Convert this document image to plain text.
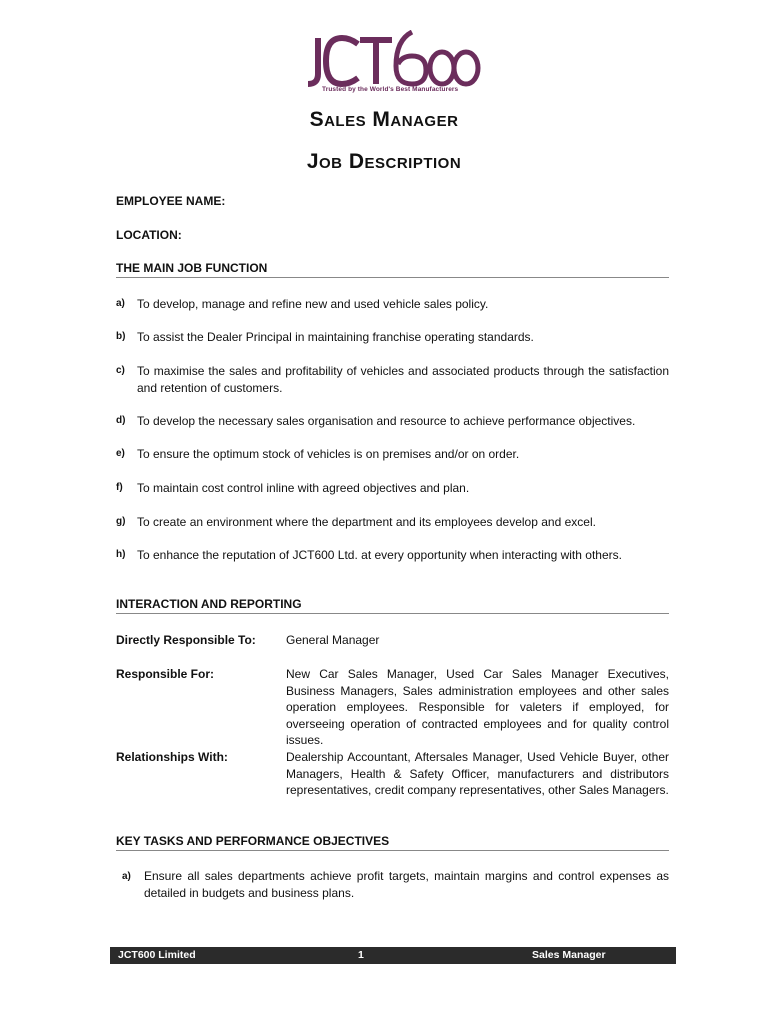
Trusted by the World's Best Manufacturers
Sales Manager
Job Description
EMPLOYEE NAME:
LOCATION:
THE MAIN JOB FUNCTION
a)	To develop, manage and refine new and used vehicle sales policy.
b) To assist the Dealer Principal in maintaining franchise operating standards.
c)	To maximise the sales and profitability of vehicles and associated products through the satisfaction and retention of customers.
d) To develop the necessary sales organisation and resource to achieve performance objectives.
e)	To ensure the optimum stock of vehicles is on premises and/or on order.
f)	To maintain cost control inline with agreed objectives and plan.
g) To create an environment where the department and its employees develop and excel.
h) To enhance the reputation of JCT600 Ltd. at every opportunity when interacting with others.
INTERACTION AND REPORTING
Directly Responsible To:	General Manager
Responsible For:	New Car Sales Manager, Used Car Sales Manager Executives, Business Managers, Sales administration employees and other sales operation employees. Responsible for valeters if employed, for overseeing operation of contracted employees and for quality control issues.
Relationships With:	Dealership Accountant, Aftersales Manager, Used Vehicle Buyer, other Managers, Health & Safety Officer, manufacturers and distributors representatives, credit company representatives, other Sales Managers.
KEY TASKS AND PERFORMANCE OBJECTIVES
a)	Ensure all sales departments achieve profit targets, maintain margins and control expenses as detailed in budgets and business plans.
JCT600 Limited	1	Sales Manager
